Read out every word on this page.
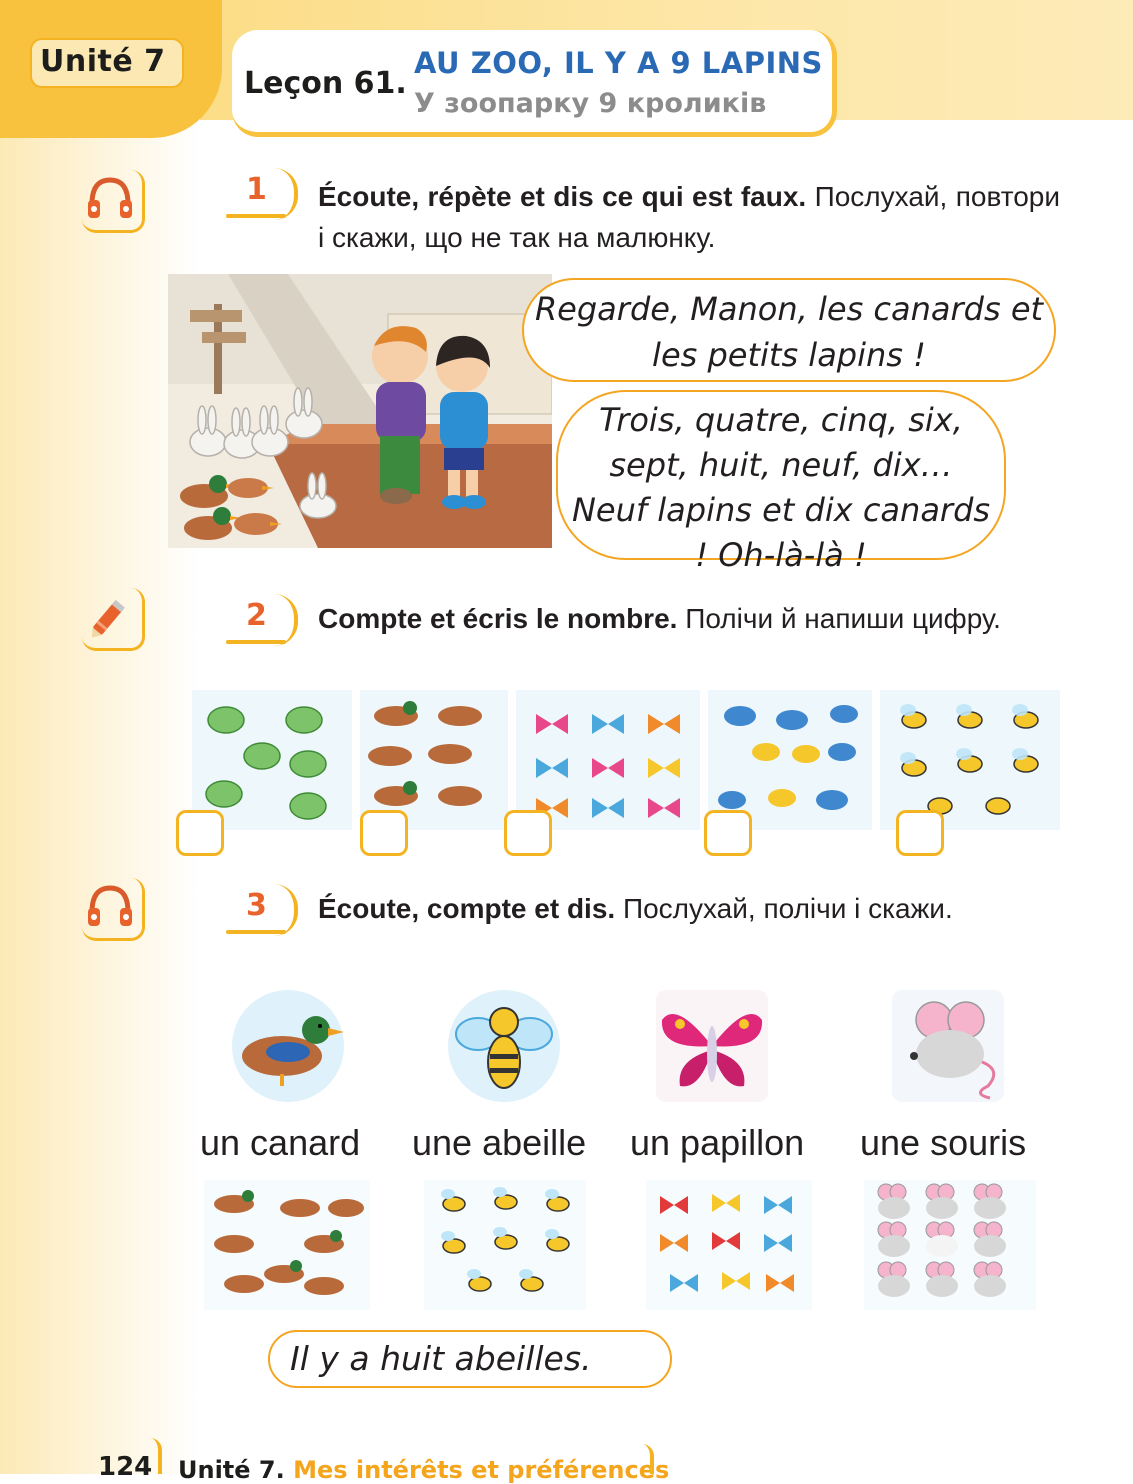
Unité 7
Leçon 61.
AU ZOO, IL Y A 9 LAPINS
У зоопарку 9 кроликів
1 Écoute, répète et dis ce qui est faux. Послухай, повтори і скажи, що не так на малюнку.
Regarde, Manon, les canards et les petits lapins !
Trois, quatre, cinq, six, sept, huit, neuf, dix… Neuf lapins et dix canards ! Oh-là-là !
2 Compte et écris le nombre. Полічи й напиши цифру.
3 Écoute, compte et dis. Послухай, полічи і скажи.
un canard une abeille un papillon une souris
Il y a huit abeilles.
124 Unité 7. Mes intérêts et préférences
